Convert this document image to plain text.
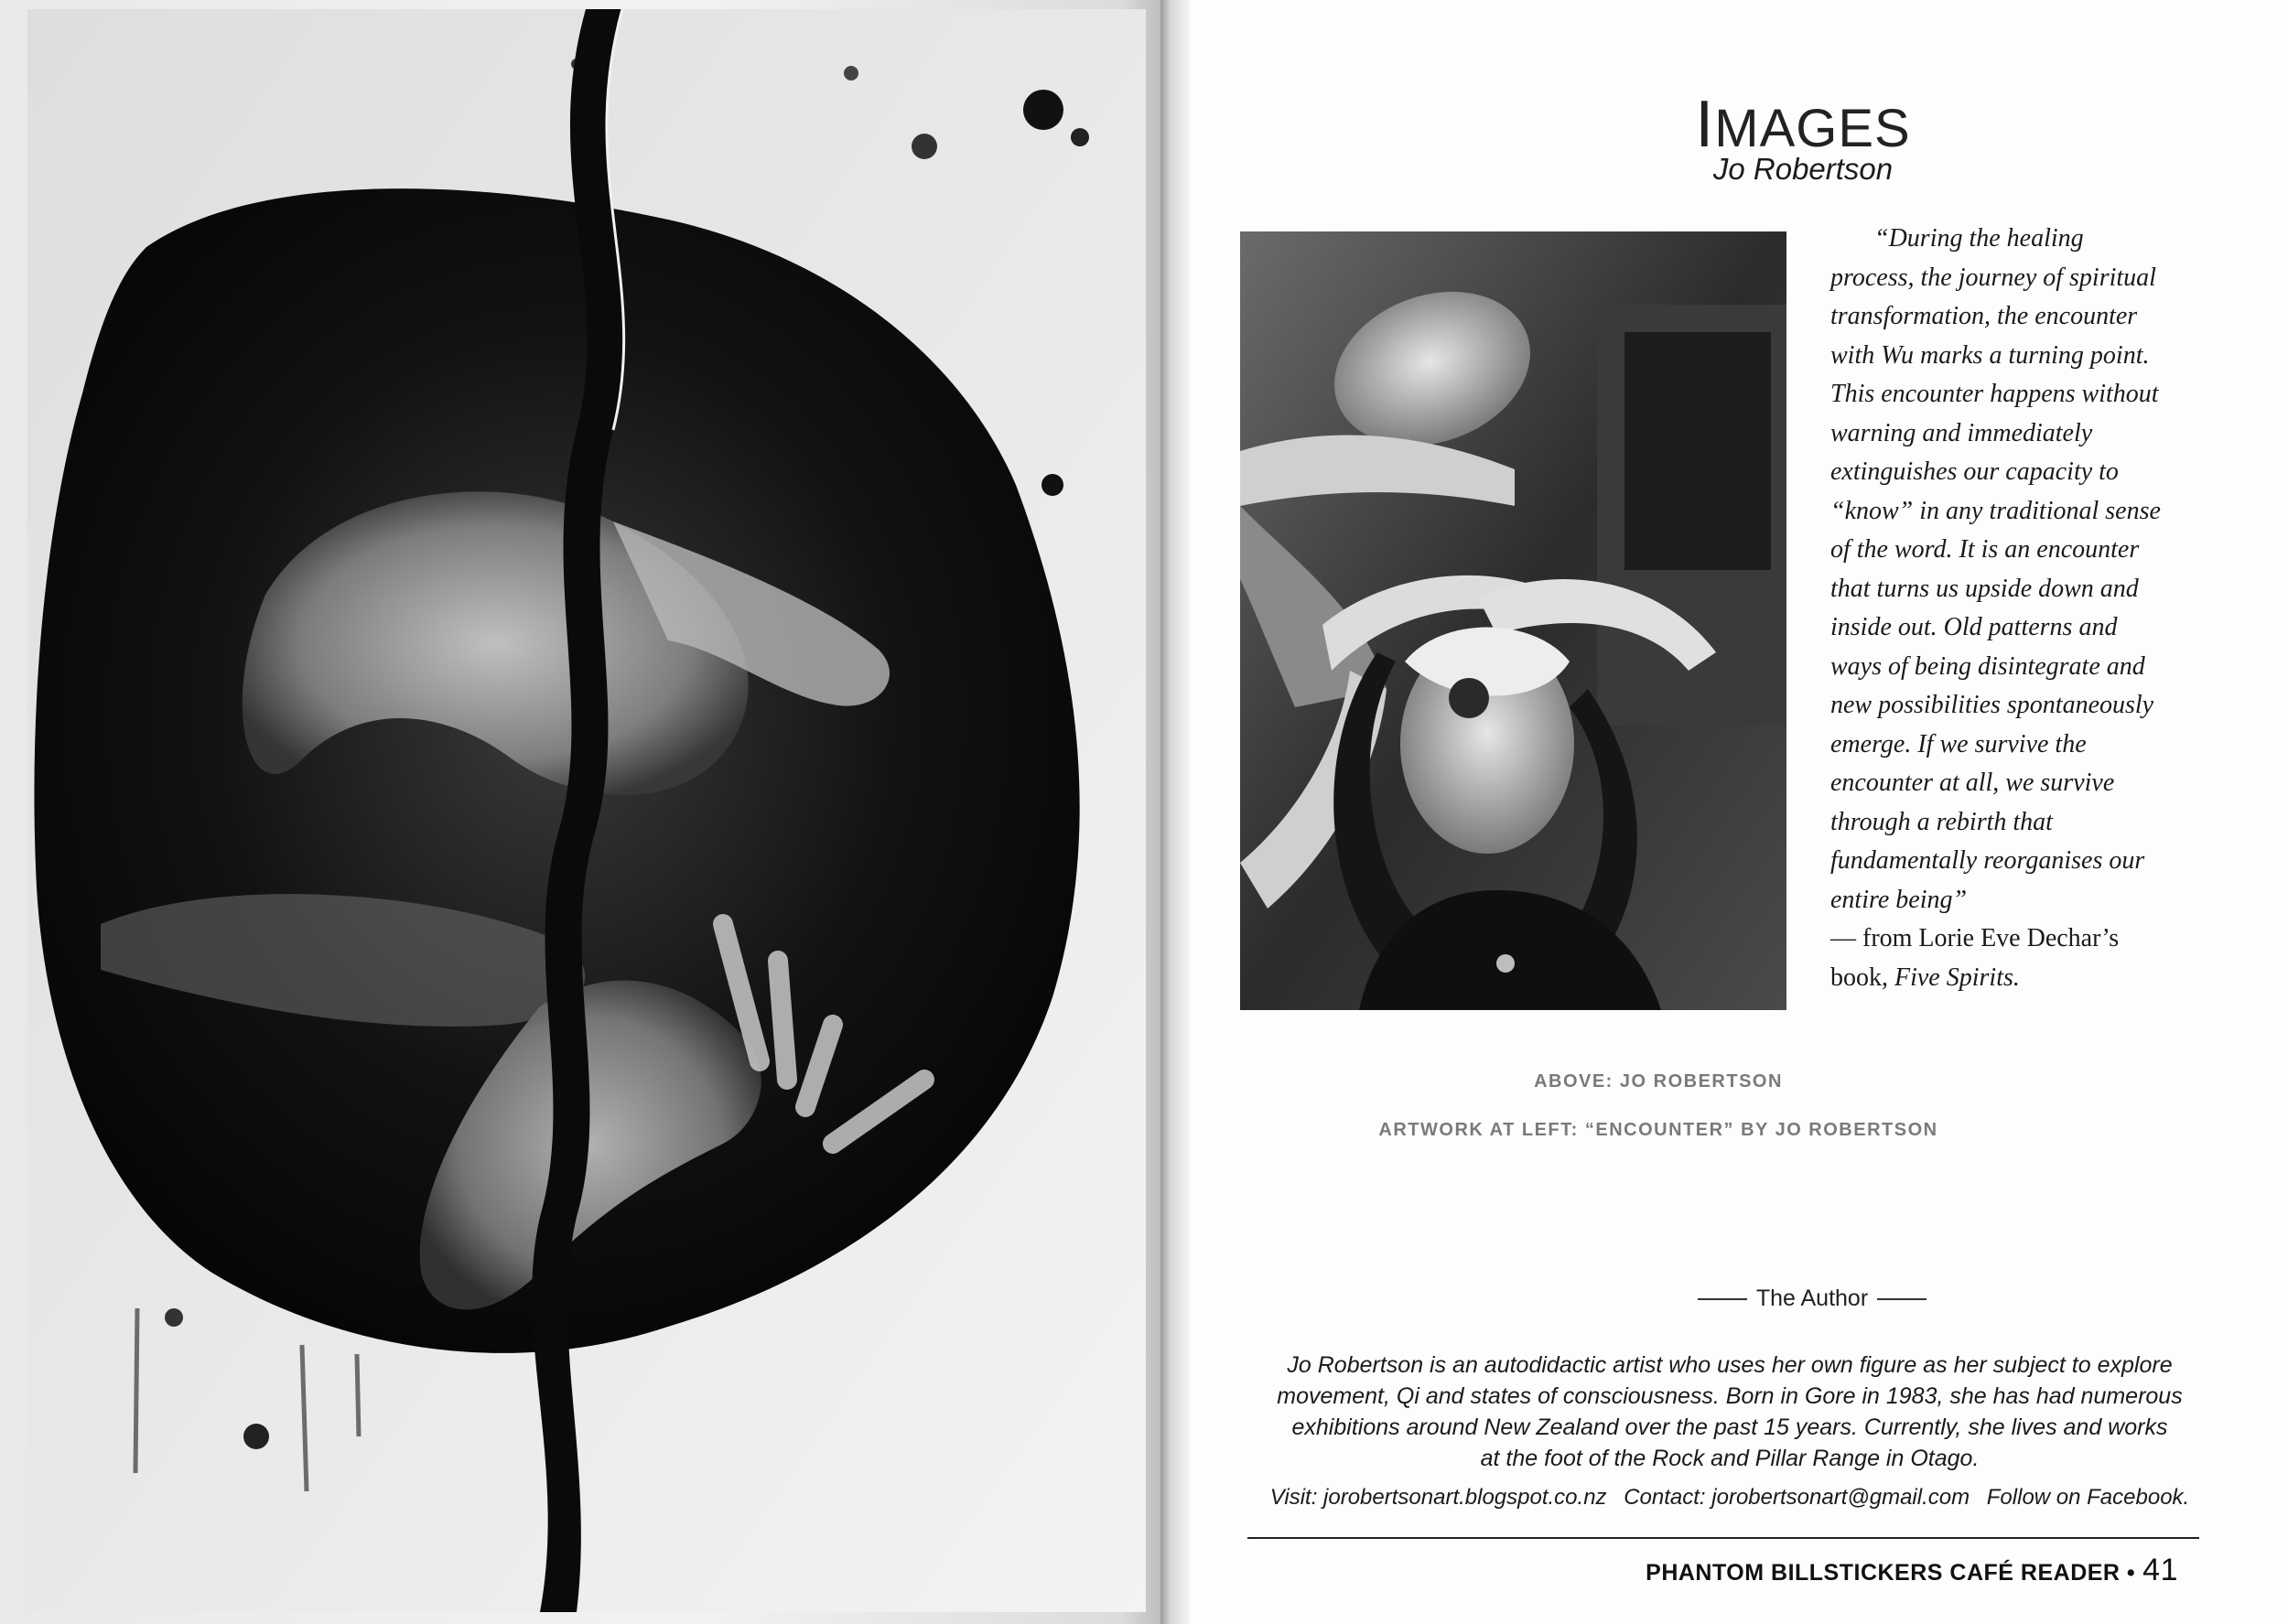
IMAGES
Jo Robertson
“During the healing
process, the journey of spiritual
transformation, the encounter
with Wu marks a turning point.
This encounter happens without
warning and immediately
extinguishes our capacity to
“know” in any traditional sense
of the word. It is an encounter
that turns us upside down and
inside out. Old patterns and
ways of being disintegrate and
new possibilities spontaneously
emerge. If we survive the
encounter at all, we survive
through a rebirth that
fundamentally reorganises our
entire being”
— from Lorie Eve Dechar’s
book, Five Spirits.
ABOVE: JO ROBERTSON
ARTWORK AT LEFT: “ENCOUNTER” BY JO ROBERTSON
The Author
Jo Robertson is an autodidactic artist who uses her own figure as her subject to explore
movement, Qi and states of consciousness. Born in Gore in 1983, she has had numerous
exhibitions around New Zealand over the past 15 years. Currently, she lives and works
at the foot of the Rock and Pillar Range in Otago.
Visit: jorobertsonart.blogspot.co.nz Contact: jorobertsonart@gmail.com Follow on Facebook.
PHANTOM BILLSTICKERS CAFÉ READER • 41
